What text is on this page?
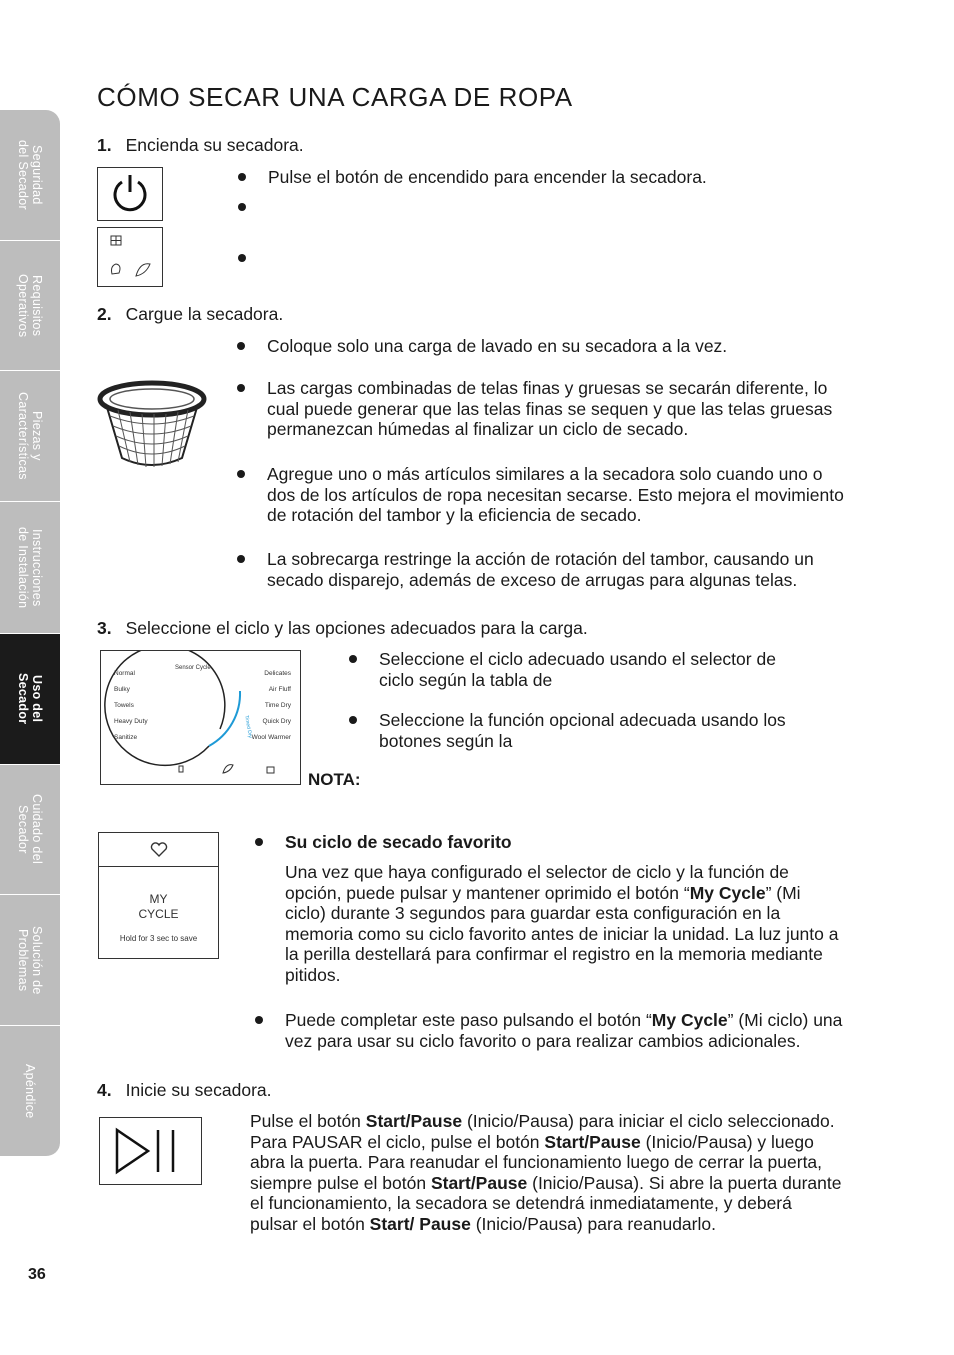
Seguridad
del Secador
Requisitos
Operativos
Piezas y
Características
Instrucciones
de Instalación
Uso del
Secador
Cuidado del
Secador
Solución de
Problemas
Apéndice
CÓMO SECAR UNA CARGA DE ROPA
1. Encienda su secadora.
Pulse el botón de encendido para encender la secadora.
2. Cargue la secadora.
Coloque solo una carga de lavado en su secadora a la vez.
Las cargas combinadas de telas finas y gruesas se secarán diferente, lo cual puede generar que las telas finas se sequen y que las telas gruesas permanezcan húmedas al finalizar un ciclo de secado.
Agregue uno o más artículos similares a la secadora solo cuando uno o dos de los artículos de ropa necesitan secarse. Esto mejora el movimiento de rotación del tambor y la eficiencia de secado.
La sobrecarga restringe la acción de rotación del tambor, causando un secado disparejo, además de exceso de arrugas para algunas telas.
3. Seleccione el ciclo y las opciones adecuados para la carga.
Sensor Cycle
Timed Dry
Normal
Bulky
Towels
Heavy Duty
Sanitize
Delicates
Air Fluff
Time Dry
Quick Dry
Wool Warmer
Seleccione el ciclo adecuado usando el selector de ciclo según la tabla de
Seleccione la función opcional adecuada usando los botones según la
NOTA:
MY
CYCLE
Hold for 3 sec to save
Su ciclo de secado favorito
Una vez que haya configurado el selector de ciclo y la función de opción, puede pulsar y mantener oprimido el botón “My Cycle” (Mi ciclo) durante 3 segundos para guardar esta configuración en la memoria como su ciclo favorito antes de iniciar la unidad. La luz junto a la perilla destellará para confirmar el registro en la memoria mediante pitidos.
Puede completar este paso pulsando el botón “My Cycle” (Mi ciclo) una vez para usar su ciclo favorito o para realizar cambios adicionales.
4. Inicie su secadora.
Pulse el botón Start/Pause (Inicio/Pausa) para iniciar el ciclo seleccionado. Para PAUSAR el ciclo, pulse el botón Start/Pause (Inicio/Pausa) y luego abra la puerta. Para reanudar el funcionamiento luego de cerrar la puerta, siempre pulse el botón Start/Pause (Inicio/Pausa). Si abre la puerta durante el funcionamiento, la secadora se detendrá inmediatamente, y deberá pulsar el botón Start/ Pause (Inicio/Pausa) para reanudarlo.
36
